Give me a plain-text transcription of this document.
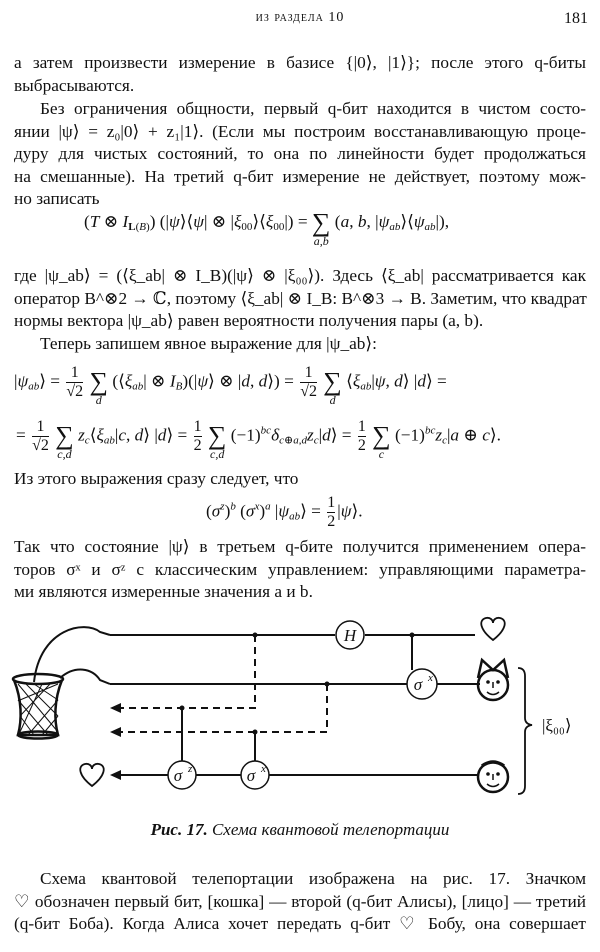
из раздела 10	181
а затем произвести измерение в базисе {|0⟩, |1⟩}; после этого q-биты
выбрасываются.
Без ограничения общности, первый q-бит находится в чистом состо-
янии |ψ⟩ = z₀|0⟩ + z₁|1⟩. (Если мы построим восстанавливающую проце-
дуру для чистых состояний, то она по линейности будет продолжаться
на смешанные). На третий q-бит измерение не действует, поэтому мож-
но записать
(T ⊗ $I_{L(B)}$) (|ψ⟩⟨ψ| ⊗ $|\xi_{00}⟩⟨\xi_{00}|$) = ∑
a,b
(a, b, $|\psi_{ab}⟩⟨\psi_{ab}|$),
где |ψ_ab⟩ = (⟨ξ_ab| ⊗ I_B)(|ψ⟩ ⊗ |ξ₀₀⟩). Здесь ⟨ξ_ab| рассматривается как
оператор B^⊗2 → ℂ, поэтому ⟨ξ_ab| ⊗ I_B: B^⊗3 → B. Заметим, что квадрат
нормы вектора |ψ_ab⟩ равен вероятности получения пары (a, b).
Теперь запишем явное выражение для |ψ_ab⟩:
$|\psi_{ab}⟩ = \frac{1}{√2}$ ∑
d
($⟨\xi_{ab}|$ ⊗ $I_B)(|\psi⟩$ ⊗ |d, d⟩) = $\frac{1}{√2}$ ∑
d
$⟨\xi_{ab}|\psi$, d⟩ |d⟩ =
= $\frac{1}{√2}$ ∑
c,d
$z_c⟨\xi_{ab}|c$, d⟩ |d⟩ = $\frac{1}{2}$ ∑
c,d
$(-1)^{bc}\delta_{c\oplus a,d}z_c|d⟩ = \frac{1}{2}$ ∑
c
$(-1)^{bc}z_c|a$ ⊕ c⟩.
Из этого выражения сразу следует, что
$(\sigma^z)^b$ $(\sigma^x)^a$ $|\psi_{ab}⟩ = \frac{1}{2}$ |ψ⟩.
Так что состояние |ψ⟩ в третьем q-бите получится применением опера-
торов σˣ и σᶻ с классическим управлением: управляющими параметра-
ми являются измеренные значения a и b.
H
σ x
σ z	σ x
|ξ₀₀⟩
Рис. 17. Схема квантовой телепортации
Схема квантовой телепортации изображена на рис. 17. Значком
♡ обозначен первый бит, [кошка] — второй (q-бит Алисы), [лицо] — третий
(q-бит Боба). Когда Алиса хочет передать q-бит ♡ Бобу, она совершает
